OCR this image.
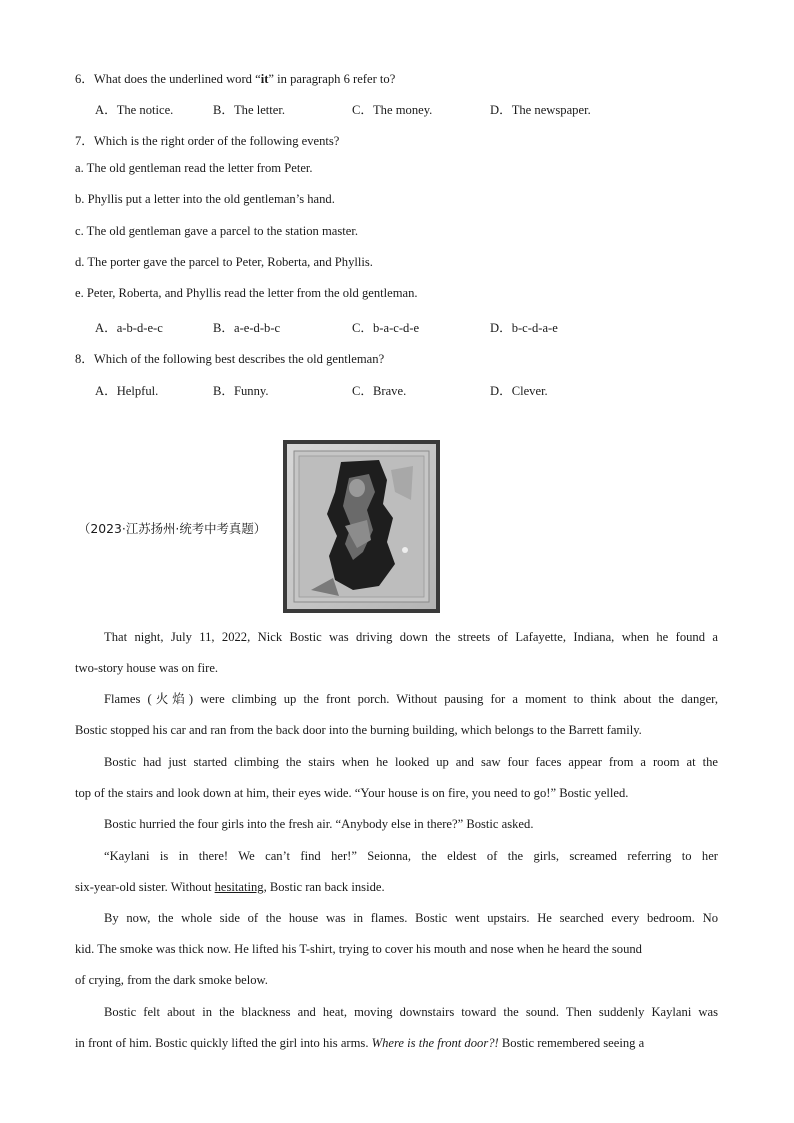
6．What does the underlined word “it” in paragraph 6 refer to?
A．The notice.	B．The letter.	C．The money.	D．The newspaper.
7．Which is the right order of the following events?
a. The old gentleman read the letter from Peter.
b. Phyllis put a letter into the old gentleman’s hand.
c. The old gentleman gave a parcel to the station master.
d. The porter gave the parcel to Peter, Roberta, and Phyllis.
e. Peter, Roberta, and Phyllis read the letter from the old gentleman.
A．a-b-d-e-c	B．a-e-d-b-c	C．b-a-c-d-e	D．b-c-d-a-e
8．Which of the following best describes the old gentleman?
A．Helpful.	B．Funny.	C．Brave.	D．Clever.
（2023·江苏扬州·统考中考真题）
That night, July 11, 2022, Nick Bostic was driving down the streets of Lafayette, Indiana, when he found a
two-story house was on fire.
Flames (火焰) were climbing up the front porch. Without pausing for a moment to think about the danger,
Bostic stopped his car and ran from the back door into the burning building, which belongs to the Barrett family.
Bostic had just started climbing the stairs when he looked up and saw four faces appear from a room at the
top of the stairs and look down at him, their eyes wide. “Your house is on fire, you need to go!” Bostic yelled.
Bostic hurried the four girls into the fresh air. “Anybody else in there?” Bostic asked.
“Kaylani is in there! We can’t find her!” Seionna, the eldest of the girls, screamed referring to her
six-year-old sister. Without hesitating, Bostic ran back inside.
By now, the whole side of the house was in flames. Bostic went upstairs. He searched every bedroom. No
kid. The smoke was thick now. He lifted his T-shirt, trying to cover his mouth and nose when he heard the sound
of crying, from the dark smoke below.
Bostic felt about in the blackness and heat, moving downstairs toward the sound. Then suddenly Kaylani was
in front of him. Bostic quickly lifted the girl into his arms. Where is the front door?! Bostic remembered seeing a
